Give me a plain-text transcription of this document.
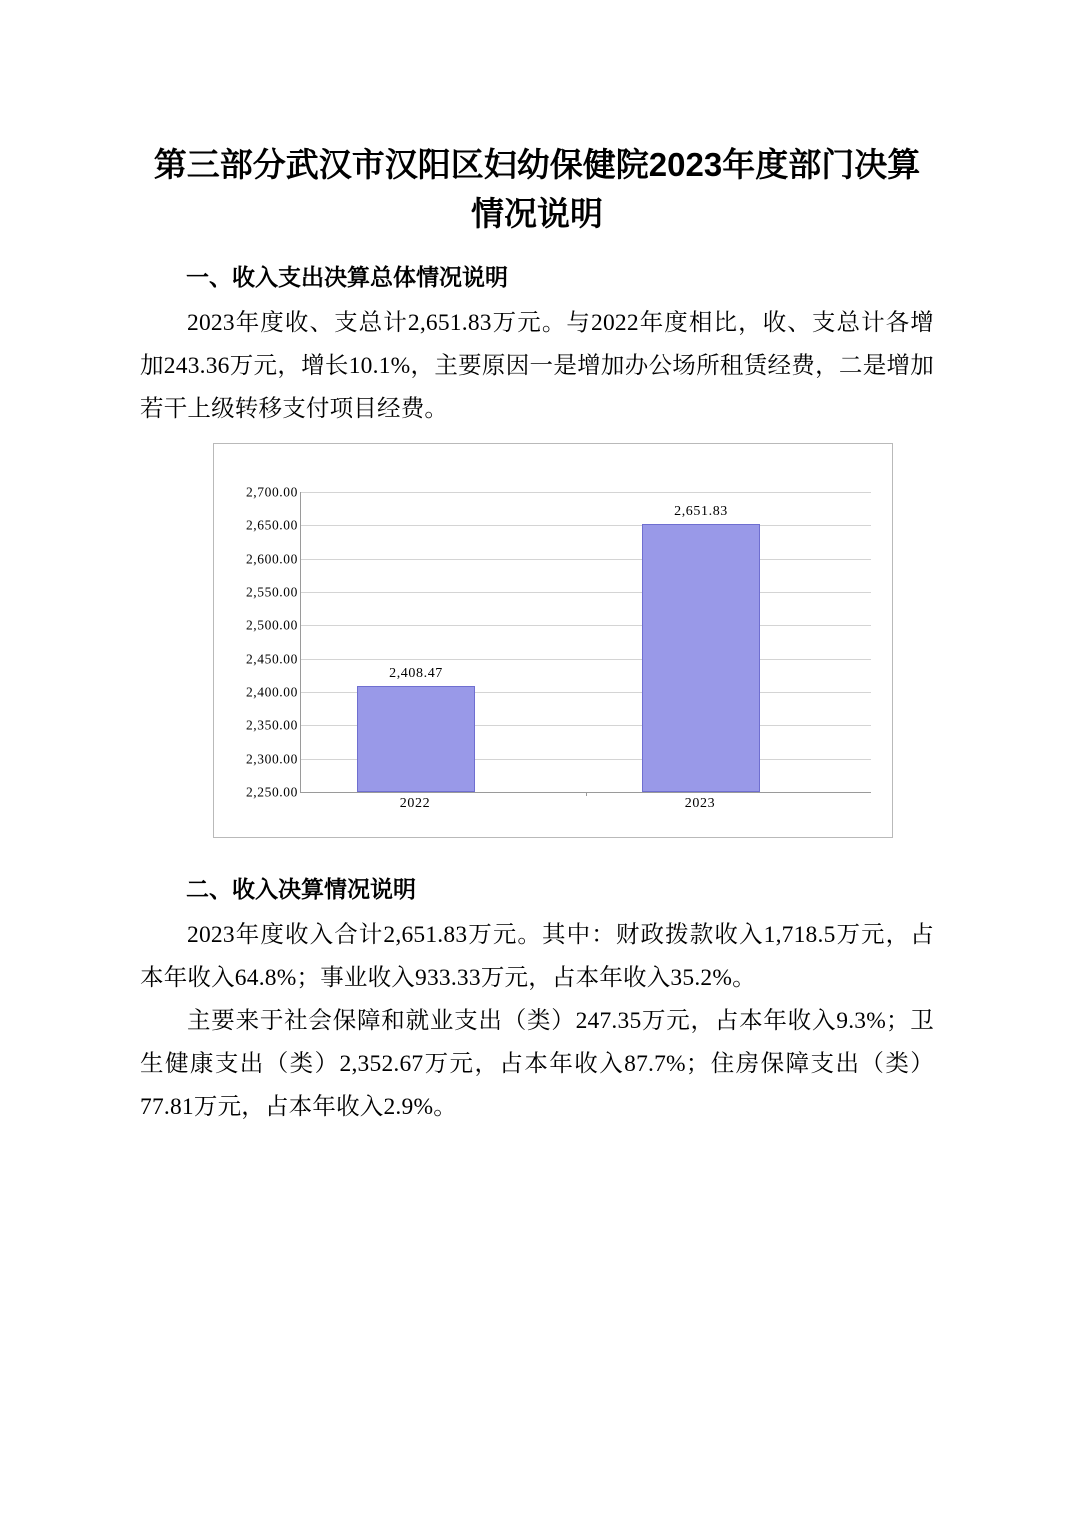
第三部分武汉市汉阳区妇幼保健院2023年度部门决算情况说明
一、收入支出决算总体情况说明

2023年度收、支总计2,651.83万元。与2022年度相比，收、支总计各增加243.36万元，增长10.1%，主要原因一是增加办公场所租赁经费，二是增加若干上级转移支付项目经费。

2,700.00
2,650.00
2,600.00
2,550.00
2,500.00
2,450.00
2,400.00
2,350.00
2,300.00
2,250.00
2,408.47
2,651.83
2022	2023
二、收入决算情况说明

2023年度收入合计2,651.83万元。其中：财政拨款收入1,718.5万元，占本年收入64.8%；事业收入933.33万元，占本年收入35.2%。

主要来于社会保障和就业支出（类）247.35万元，占本年收入9.3%；卫生健康支出（类）2,352.67万元，占本年收入87.7%；住房保障支出（类）77.81万元，占本年收入2.9%。
